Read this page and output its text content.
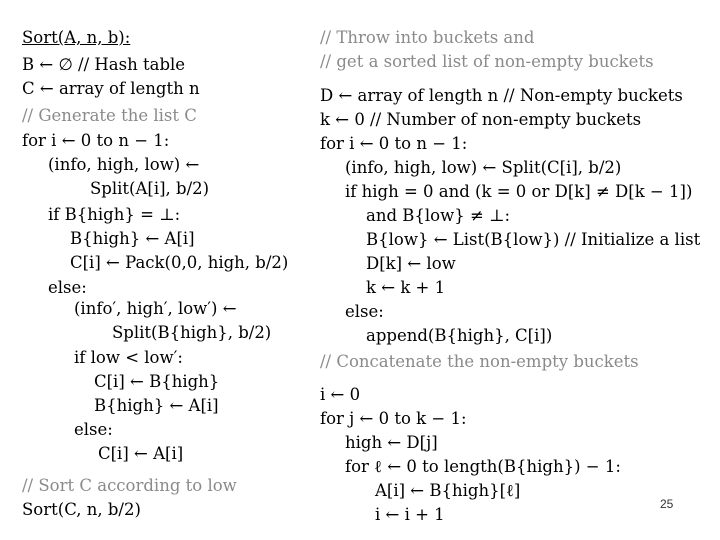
Sort(A, n, b):
B ← ∅ // Hash table
C ← array of length n
// Generate the list C
for i ← 0 to n − 1:
(info, high, low) ←
Split(A[i], b/2)
if B{high} = ⊥:
B{high} ← A[i]
C[i] ← Pack(0,0, high, b/2)
else:
(info′, high′, low′) ←
Split(B{high}, b/2)
if low < low′:
C[i] ← B{high}
B{high} ← A[i]
else:
C[i] ← A[i]
// Sort C according to low
Sort(C, n, b/2)
// Throw into buckets and
// get a sorted list of non-empty buckets
D ← array of length n // Non-empty buckets
k ← 0 // Number of non-empty buckets
for i ← 0 to n − 1:
(info, high, low) ← Split(C[i], b/2)
if high = 0 and (k = 0 or D[k] ≠ D[k − 1])
and B{low} ≠ ⊥:
B{low} ← List(B{low}) // Initialize a list
D[k] ← low
k ← k + 1
else:
append(B{high}, C[i])
// Concatenate the non-empty buckets
i ← 0
for j ← 0 to k − 1:
high ← D[j]
for ℓ ← 0 to length(B{high}) − 1:
A[i] ← B{high}[ℓ]
i ← i + 1
25
